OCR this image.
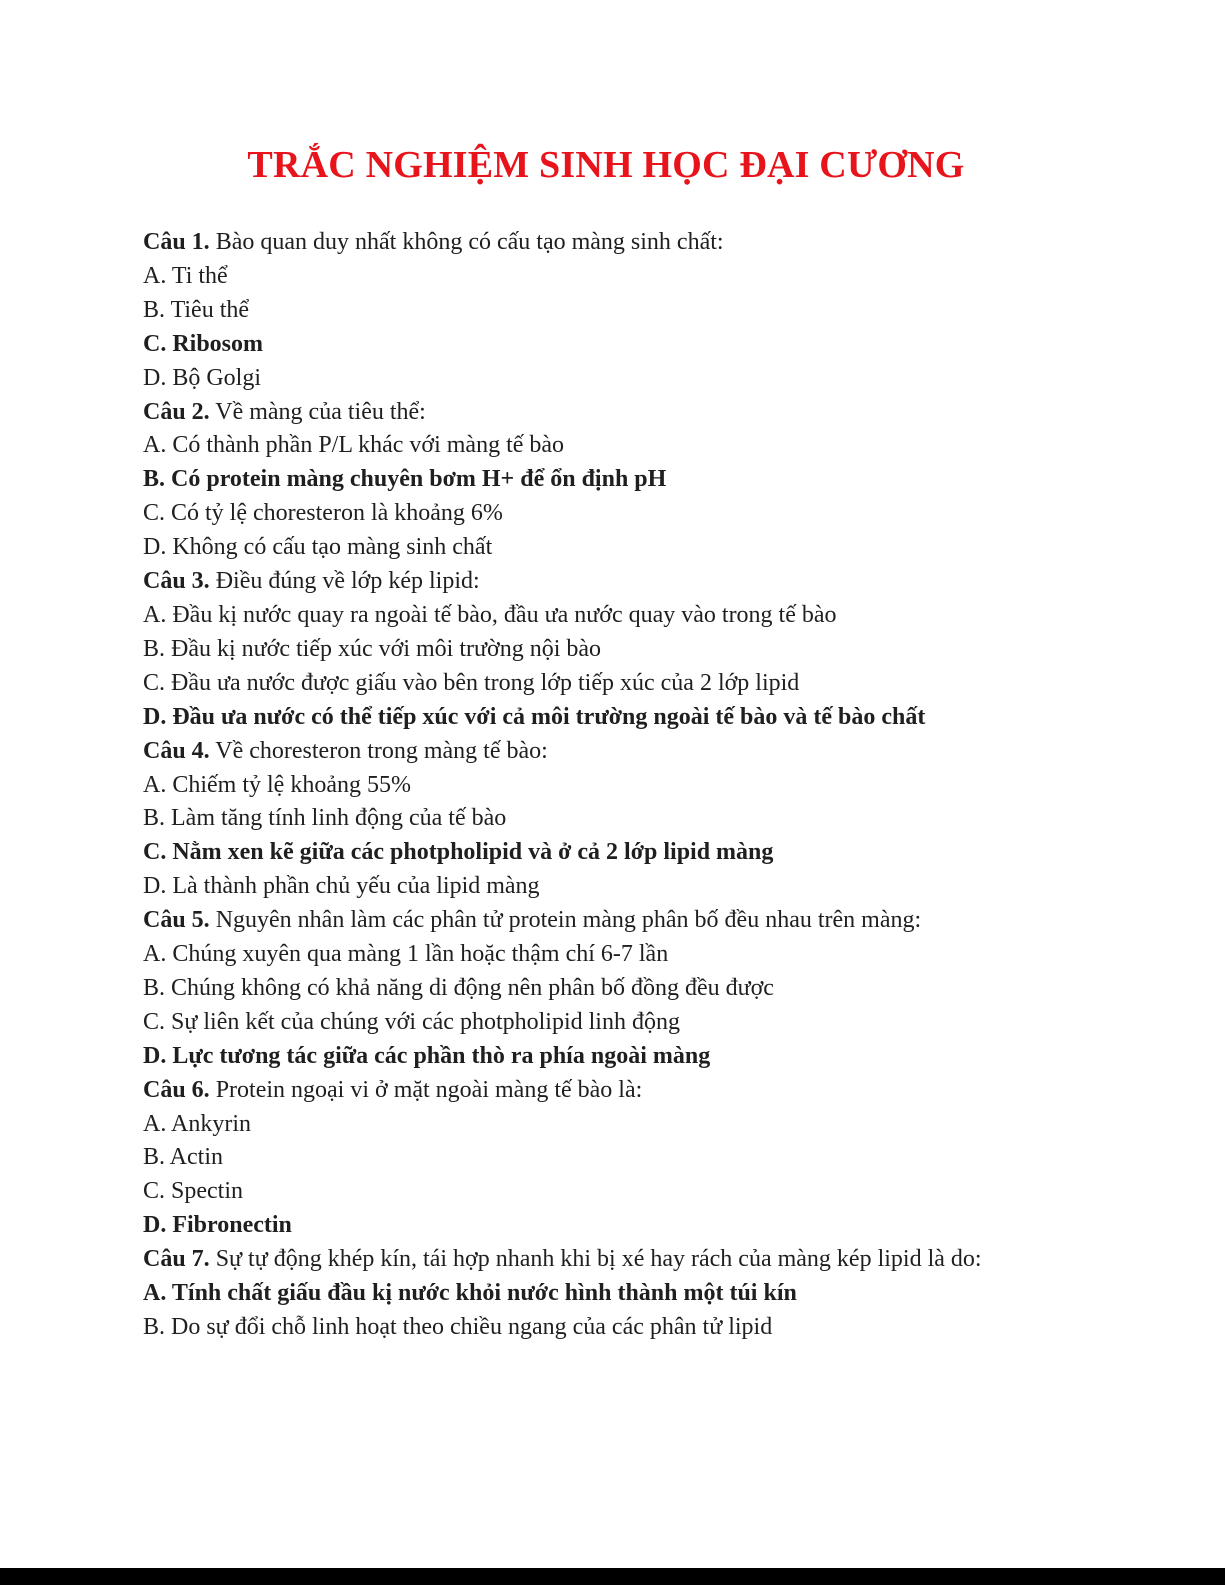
TRẮC NGHIỆM SINH HỌC ĐẠI CƯƠNG
Câu 1. Bào quan duy nhất không có cấu tạo màng sinh chất:
A. Ti thể
B. Tiêu thể
C. Ribosom
D. Bộ Golgi
Câu 2. Về màng của tiêu thể:
A. Có thành phần P/L khác với màng tế bào
B. Có protein màng chuyên bơm H+ để ổn định pH
C. Có tỷ lệ choresteron là khoảng 6%
D. Không có cấu tạo màng sinh chất
Câu 3. Điều đúng về lớp kép lipid:
A. Đầu kị nước quay ra ngoài tế bào, đầu ưa nước quay vào trong tế bào
B. Đầu kị nước tiếp xúc với môi trường nội bào
C. Đầu ưa nước được giấu vào bên trong lớp tiếp xúc của 2 lớp lipid
D. Đầu ưa nước có thể tiếp xúc với cả môi trường ngoài tế bào và tế bào chất
Câu 4. Về choresteron trong màng tế bào:
A. Chiếm tỷ lệ khoảng 55%
B. Làm tăng tính linh động của tế bào
C. Nằm xen kẽ giữa các photpholipid và ở cả 2 lớp lipid màng
D. Là thành phần chủ yếu của lipid màng
Câu 5. Nguyên nhân làm các phân tử protein màng phân bố đều nhau trên màng:
A. Chúng xuyên qua màng 1 lần hoặc thậm chí 6-7 lần
B. Chúng không có khả năng di động nên phân bố đồng đều được
C. Sự liên kết của chúng với các photpholipid linh động
D. Lực tương tác giữa các phần thò ra phía ngoài màng
Câu 6. Protein ngoại vi ở mặt ngoài màng tế bào là:
A. Ankyrin
B. Actin
C. Spectin
D. Fibronectin
Câu 7. Sự tự động khép kín, tái hợp nhanh khi bị xé hay rách của màng kép lipid là do:
A. Tính chất giấu đầu kị nước khỏi nước hình thành một túi kín
B. Do sự đổi chỗ linh hoạt theo chiều ngang của các phân tử lipid
